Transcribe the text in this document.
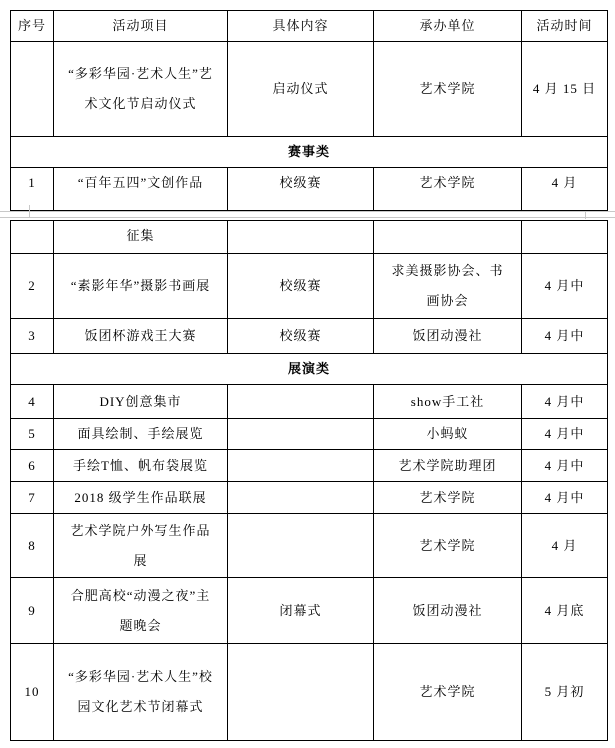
序号	活动项目	具体内容	承办单位	活动时间
	“多彩华园·艺术人生”艺术文化节启动仪式	启动仪式	艺术学院	4 月 15 日
赛事类				
1	“百年五四”文创作品	校级赛	艺术学院	4 月
	征集			
2	“素影年华”摄影书画展	校级赛	求美摄影协会、书画协会	4 月中
3	饭团杯游戏王大赛	校级赛	饭团动漫社	4 月中
展演类				
4	DIY创意集市		show手工社	4 月中
5	面具绘制、手绘展览		小蚂蚁	4 月中
6	手绘T恤、帆布袋展览		艺术学院助理团	4 月中
7	2018 级学生作品联展		艺术学院	4 月中
8	艺术学院户外写生作品展		艺术学院	4 月
9	合肥高校“动漫之夜”主题晚会	闭幕式	饭团动漫社	4 月底
10	“多彩华园·艺术人生”校园文化艺术节闭幕式		艺术学院	5 月初
